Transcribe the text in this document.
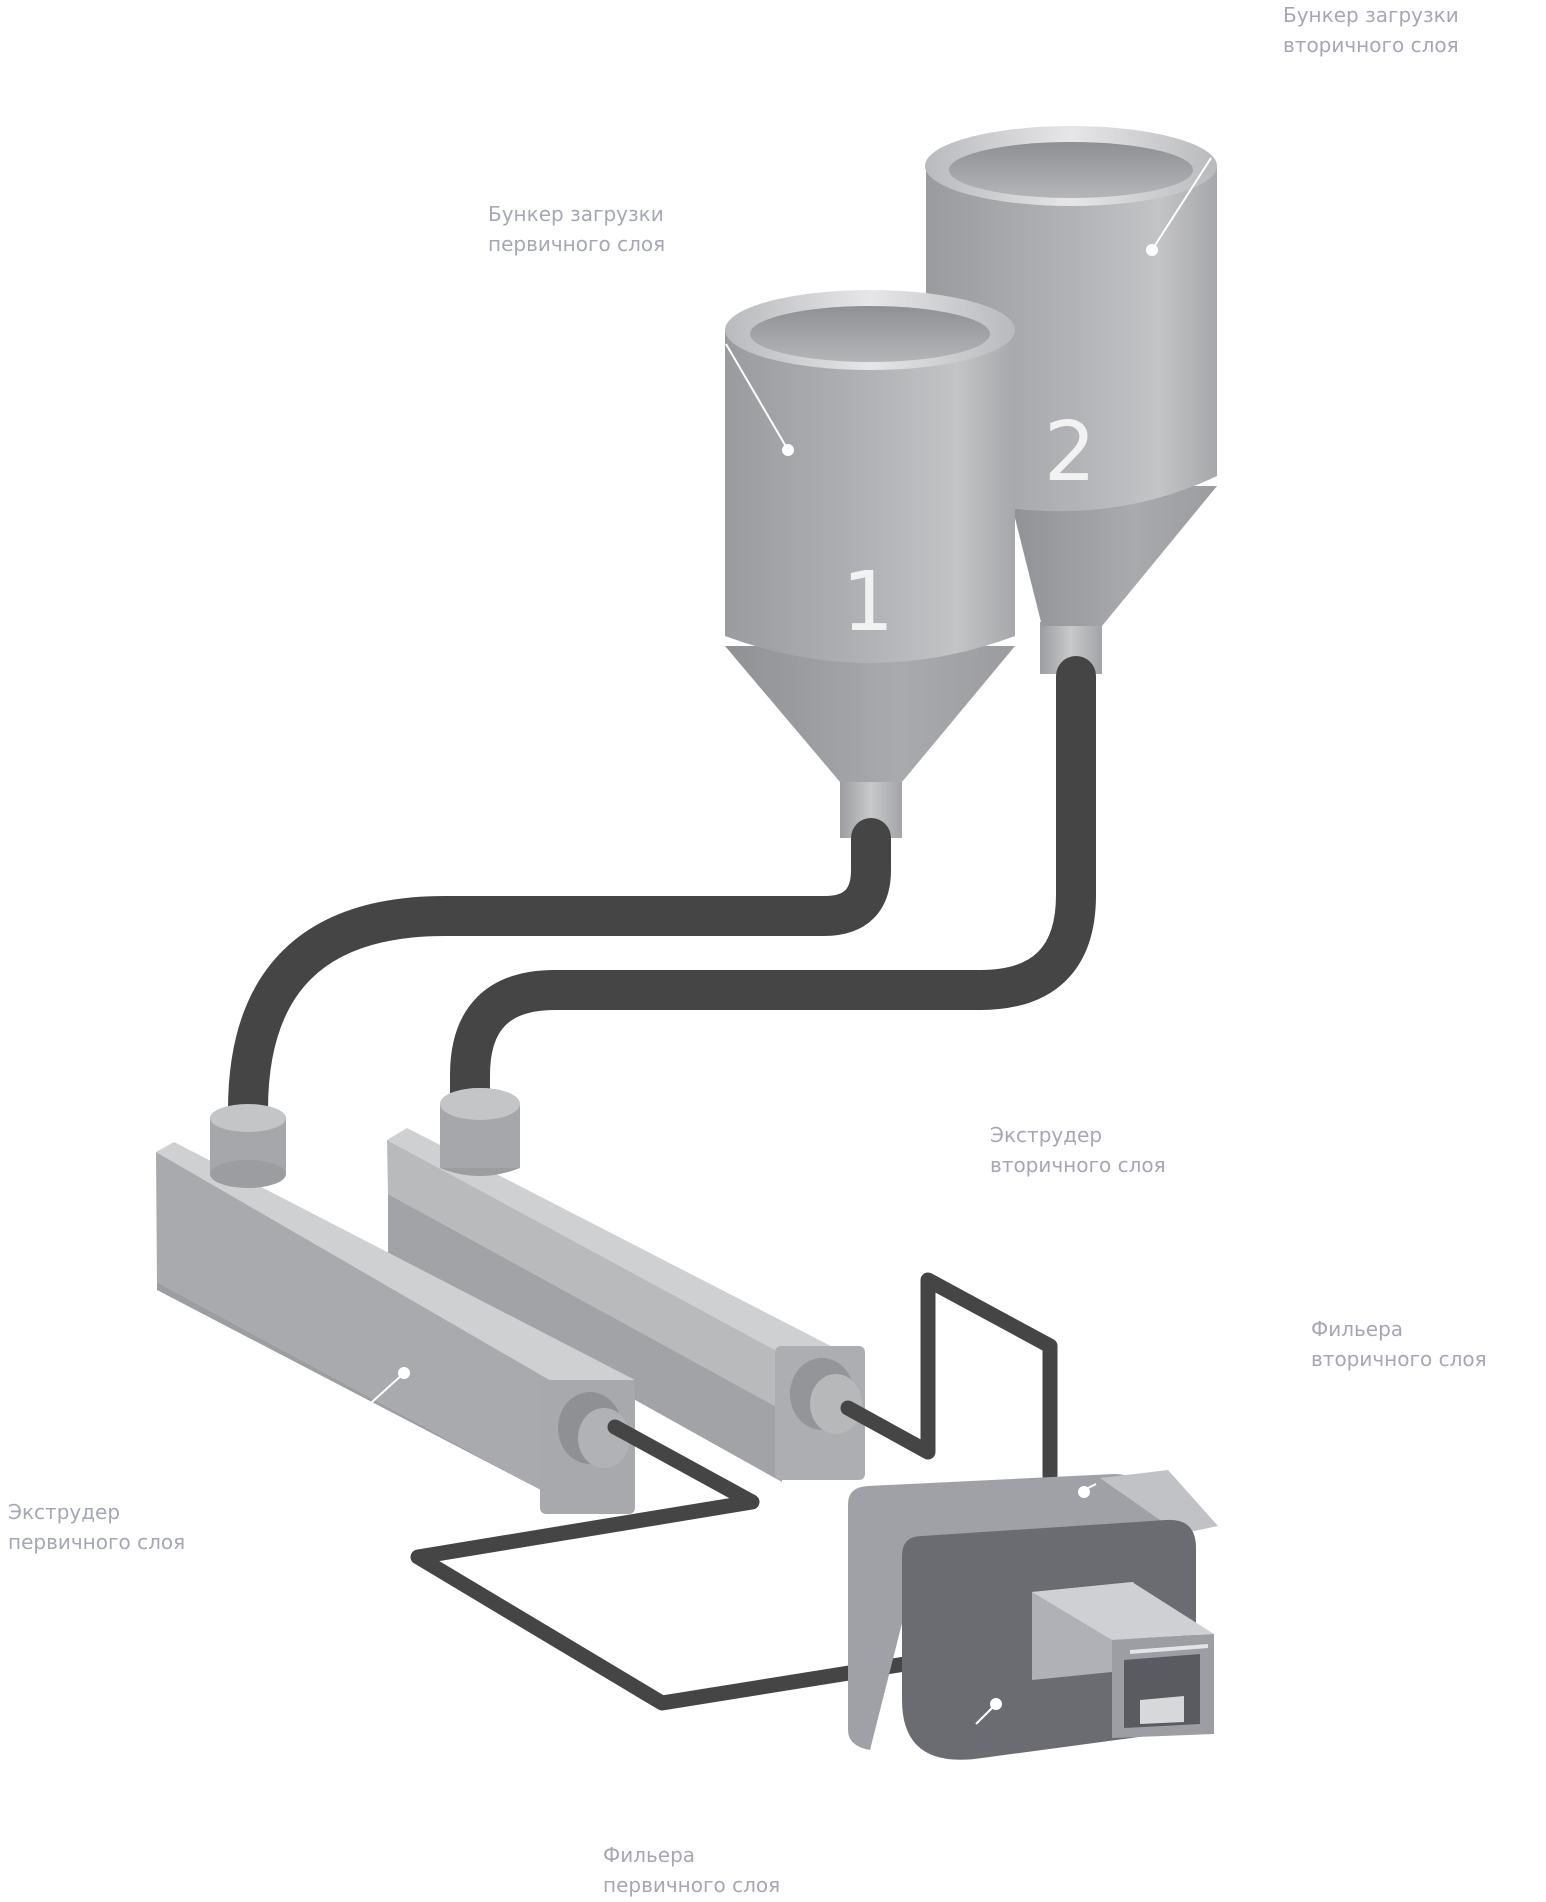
2
1
Бункер загрузки
вторичного слоя
Бункер загрузки
первичного слоя
Экструдер
вторичного слоя
Экструдер
первичного слоя
Фильера
вторичного слоя
Фильера
первичного слоя
